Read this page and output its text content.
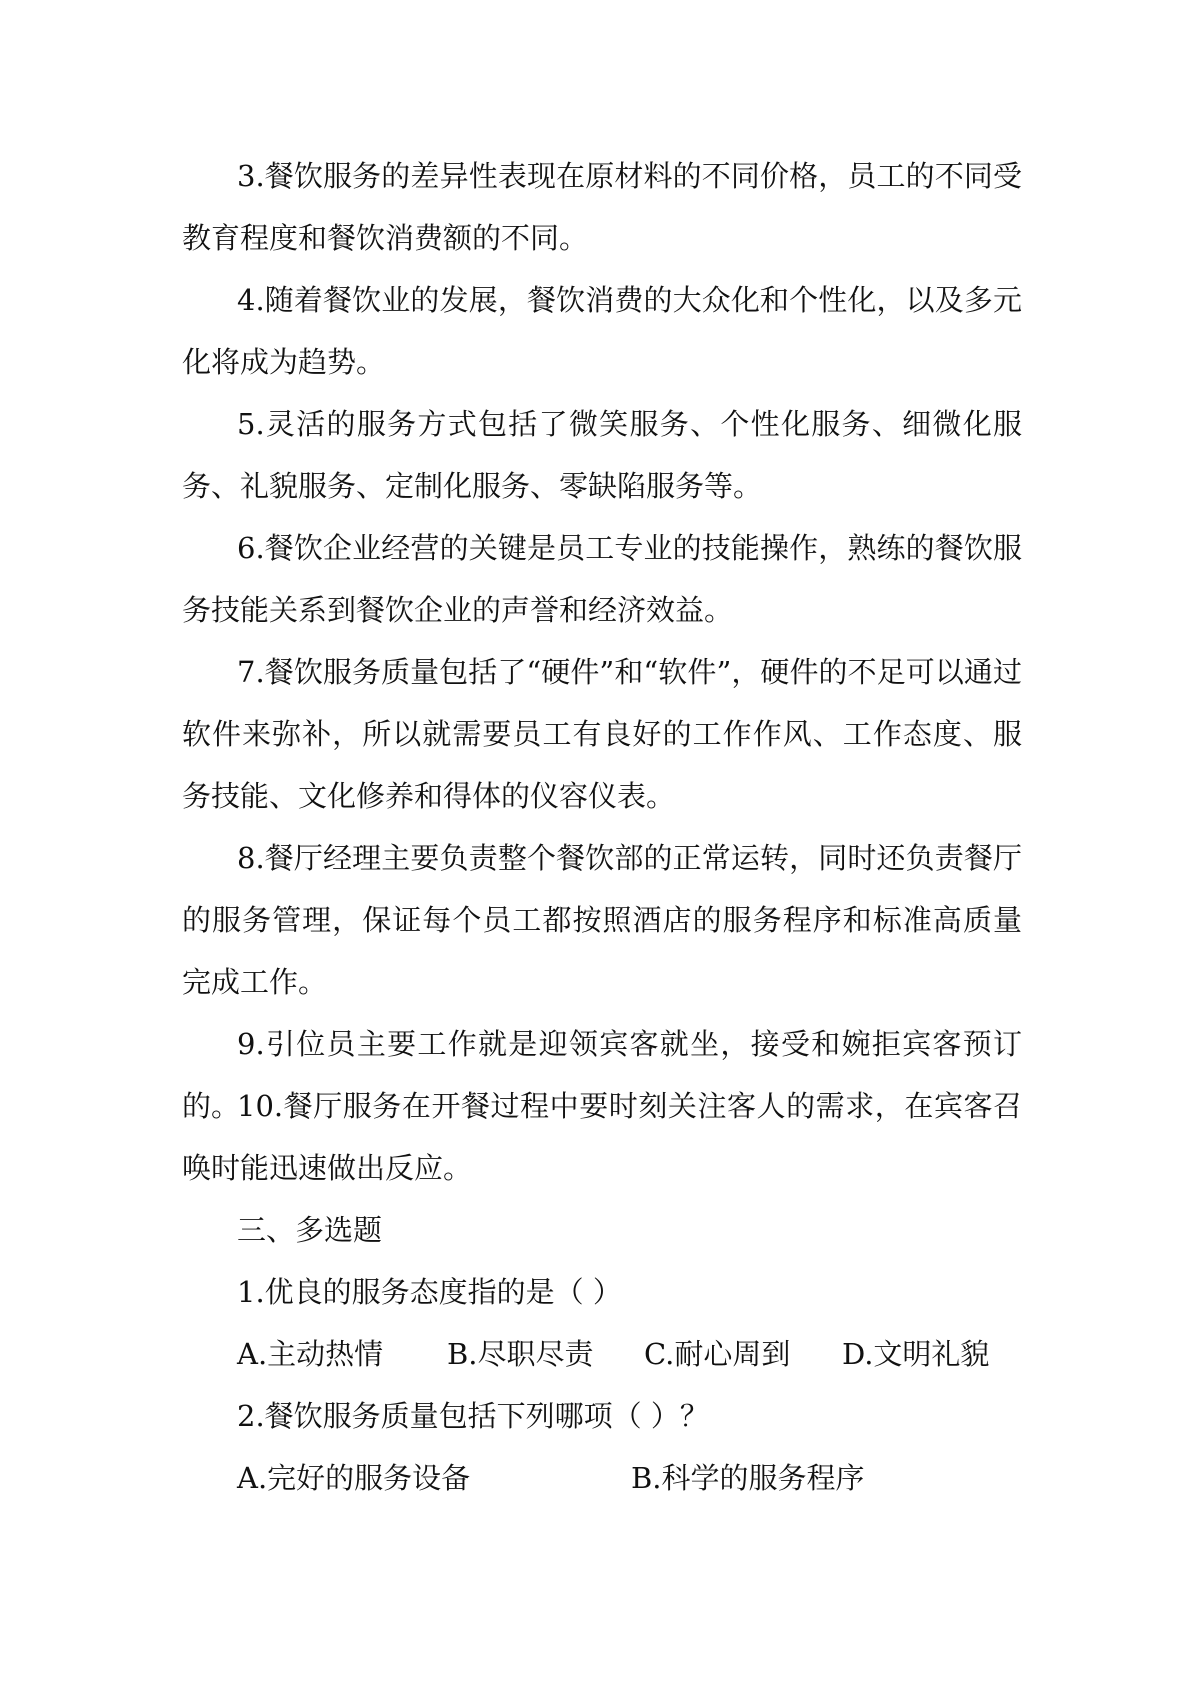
3.餐饮服务的差异性表现在原材料的不同价格，员工的不同受教育程度和餐饮消费额的不同。

4.随着餐饮业的发展，餐饮消费的大众化和个性化，以及多元化将成为趋势。

5.灵活的服务方式包括了微笑服务、个性化服务、细微化服务、礼貌服务、定制化服务、零缺陷服务等。

6.餐饮企业经营的关键是员工专业的技能操作，熟练的餐饮服务技能关系到餐饮企业的声誉和经济效益。

7.餐饮服务质量包括了“硬件”和“软件”，硬件的不足可以通过软件来弥补，所以就需要员工有良好的工作作风、工作态度、服务技能、文化修养和得体的仪容仪表。

8.餐厅经理主要负责整个餐饮部的正常运转，同时还负责餐厅的服务管理，保证每个员工都按照酒店的服务程序和标准高质量完成工作。

9.引位员主要工作就是迎领宾客就坐，接受和婉拒宾客预订的。

10.餐厅服务在开餐过程中要时刻关注客人的需求，在宾客召唤时能迅速做出反应。

三、多选题

1.优良的服务态度指的是（ ）

A.主动热情 B.尽职尽责 C.耐心周到 D.文明礼貌

2.餐饮服务质量包括下列哪项（ ）？

A.完好的服务设备	B.科学的服务程序
